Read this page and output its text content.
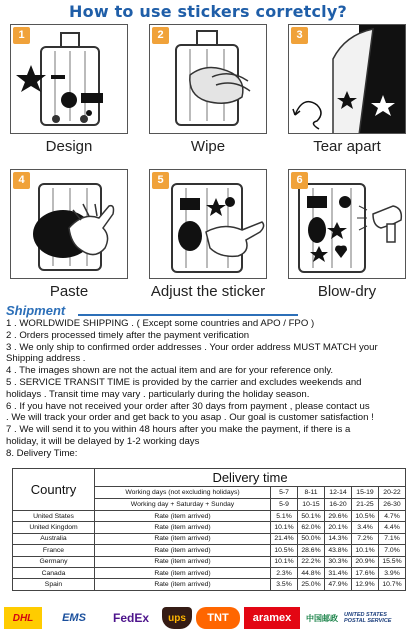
How to use stickers corretcly?
1
Design
2
Wipe
3
Tear apart
4
Paste
5
Adjust the sticker
6
Blow-dry
Shipment

1 . WORLDWIDE SHIPPING . ( Except some countries and APO / FPO )

2 . Orders processed timely after the payment verification

3 . We only ship to confirmed order addresses . Your order address MUST MATCH your

Shipping address .

4 . The images shown are not the actual item and are for your reference only.

5 . SERVICE TRANSIT TIME is provided by the carrier and excludes weekends and

holidays . Transit time may vary . particularly during the holiday season.

6 . If you have not received your order after 30 days from payment , please contact us

. We will track your order and get back to you asap . Our goal is customer satisfaction !

7 . We will send it to you within 48 hours after you make the payment, if there is a

holiday, it will be delayed by 1-2 working days

8. Delivery Time:

Country	Delivery time					
	Working days (not excluding holidays)	5-7	8-11	12-14	15-19	20-22
	Working day + Saturday + Sunday	5-9	10-15	16-20	21-25	26-30
United States	Rate (item arrived)	5.1%	50.1%	29.6%	10.5%	4.7%
United Kingdom	Rate (item arrived)	10.1%	62.0%	20.1%	3.4%	4.4%
Australia	Rate (item arrived)	21.4%	50.0%	14.3%	7.2%	7.1%
France	Rate (item arrived)	10.5%	28.6%	43.8%	10.1%	7.0%
Germany	Rate (item arrived)	10.1%	22.2%	30.3%	20.9%	15.5%
Canada	Rate (item arrived)	2.3%	44.8%	31.4%	17.6%	3.9%
Spain	Rate (item arrived)	3.5%	25.0%	47.9%	12.9%	10.7%
DHL	EMS FedEx ups TNT aramex 中国邮政 UNITED STATES POSTAL SERVICE
